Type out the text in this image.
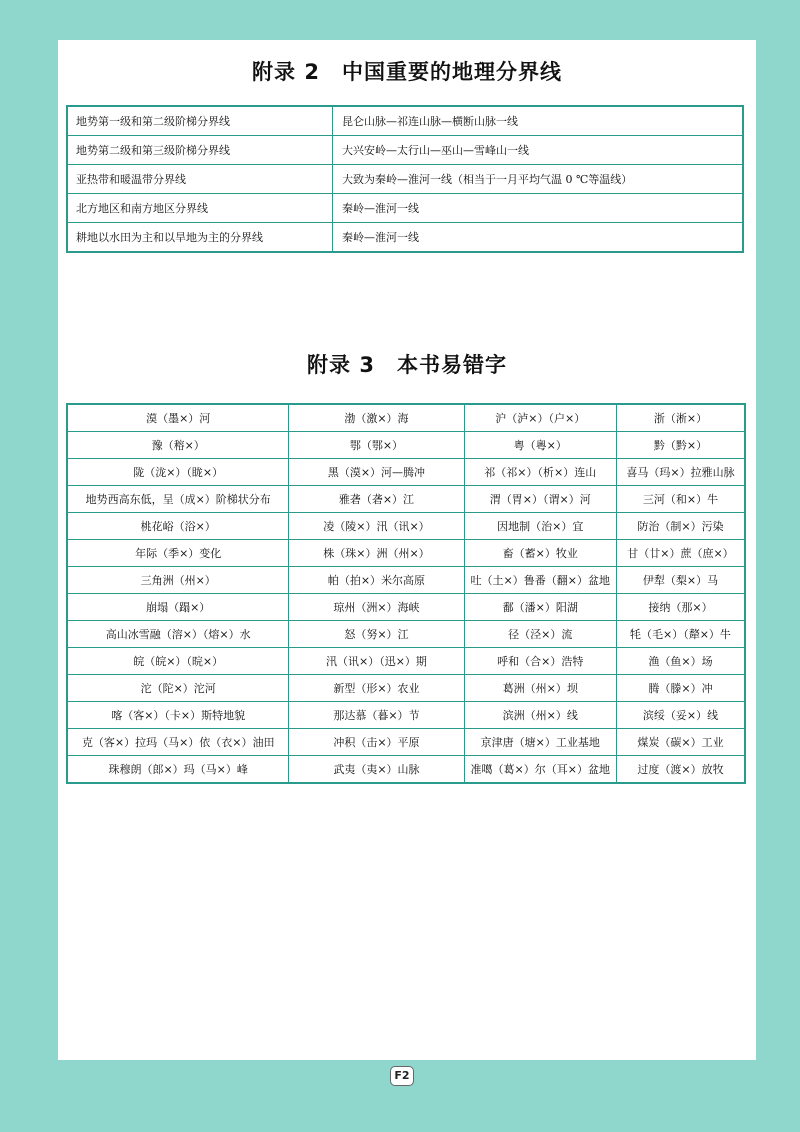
附录 2　中国重要的地理分界线
地势第一级和第二级阶梯分界线	昆仑山脉—祁连山脉—横断山脉一线
地势第二级和第三级阶梯分界线	大兴安岭—太行山—巫山—雪峰山一线
亚热带和暖温带分界线	大致为秦岭—淮河一线（相当于一月平均气温 0 ℃等温线）
北方地区和南方地区分界线	秦岭—淮河一线
耕地以水田为主和以旱地为主的分界线	秦岭—淮河一线
附录 3　本书易错字
漠（墨×）河	渤（激×）海	沪（泸×）（户×）	浙（淅×）
豫（穃×）	鄂（鄂×）	粤（粵×）	黔（黔×）
陇（泷×）（眬×）	黑（漠×）河—腾冲	祁（祁×）（析×）连山	喜马（玛×）拉雅山脉
地势西高东低，呈（成×）阶梯状分布	雅砻（砻×）江	渭（胃×）（谓×）河	三河（和×）牛
桃花峪（浴×）	凌（陵×）汛（讯×）	因地制（治×）宜	防治（制×）污染
年际（季×）变化	株（珠×）洲（州×）	畜（蓄×）牧业	甘（廿×）蔗（庶×）
三角洲（州×）	帕（拍×）米尔高原	吐（土×）鲁番（翻×）盆地	伊犁（梨×）马
崩塌（蹋×）	琼州（洲×）海峡	鄱（潘×）阳湖	接纳（那×）
高山冰雪融（溶×）（熔×）水	怒（努×）江	径（泾×）流	牦（毛×）（犛×）牛
皖（皖×）（晥×）	汛（讯×）（迅×）期	呼和（合×）浩特	渔（鱼×）场
沱（陀×）沱河	新型（形×）农业	葛洲（州×）坝	腾（滕×）冲
喀（客×）（卡×）斯特地貌	那达慕（暮×）节	滨洲（州×）线	滨绥（妥×）线
克（客×）拉玛（马×）依（衣×）油田	冲积（击×）平原	京津唐（塘×）工业基地	煤炭（碳×）工业
珠穆朗（郎×）玛（马×）峰	武夷（夷×）山脉	准噶（葛×）尔（耳×）盆地	过度（渡×）放牧
F2
